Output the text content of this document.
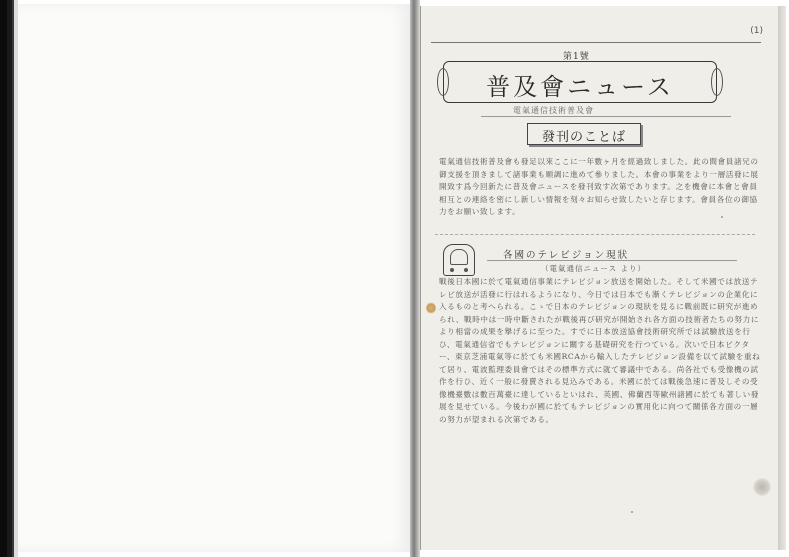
(1)
第1號
普及會ニュース
電氣通信技術普及會
發刊のことば
電氣通信技術普及會も發足以來ここに一年數ヶ月を經過致しました。此の間會員諸兄の御支援を頂きまして諸事業も順調に進めて參りました。本會の事業をより一層活發に展開致す爲今回新たに普及會ニュースを發刊致す次第であります。之を機會に本會と會員相互との連絡を密にし新しい情報を刻々お知らせ致したいと存じます。會員各位の御協力をお願い致します。
各國のテレビジョン現狀
（電氣通信ニュース より）
戰後日本國に於て電氣通信事業にテレビジョン放送を開始した。そして米國では放送テレビ放送が活發に行はれるようになり、今日では日本でも漸くテレビジョンの企業化に入るものと考へられる。こゝで日本のテレビジョンの現狀を見るに戰前既に研究が進められ、戰時中は一時中斷されたが戰後再び研究が開始され各方面の技術者たちの努力により相當の成果を擧げるに至つた。すでに日本放送協會技術研究所では試驗放送を行ひ、電氣通信省でもテレビジョンに關する基礎研究を行つている。次いで日本ビクター、東京芝浦電氣等に於ても米國RCAから輸入したテレビジョン設備を以て試驗を重ねて居り、電波監理委員會ではその標準方式に就て審議中である。尚各社でも受像機の試作を行ひ、近く一般に發賣される見込みである。米國に於ては戰後急速に普及しその受像機臺數は數百萬臺に達しているといはれ、英國、佛蘭西等歐州諸國に於ても著しい發展を見せている。今後わが國に於てもテレビジョンの實用化に向つて關係各方面の一層の努力が望まれる次第である。
